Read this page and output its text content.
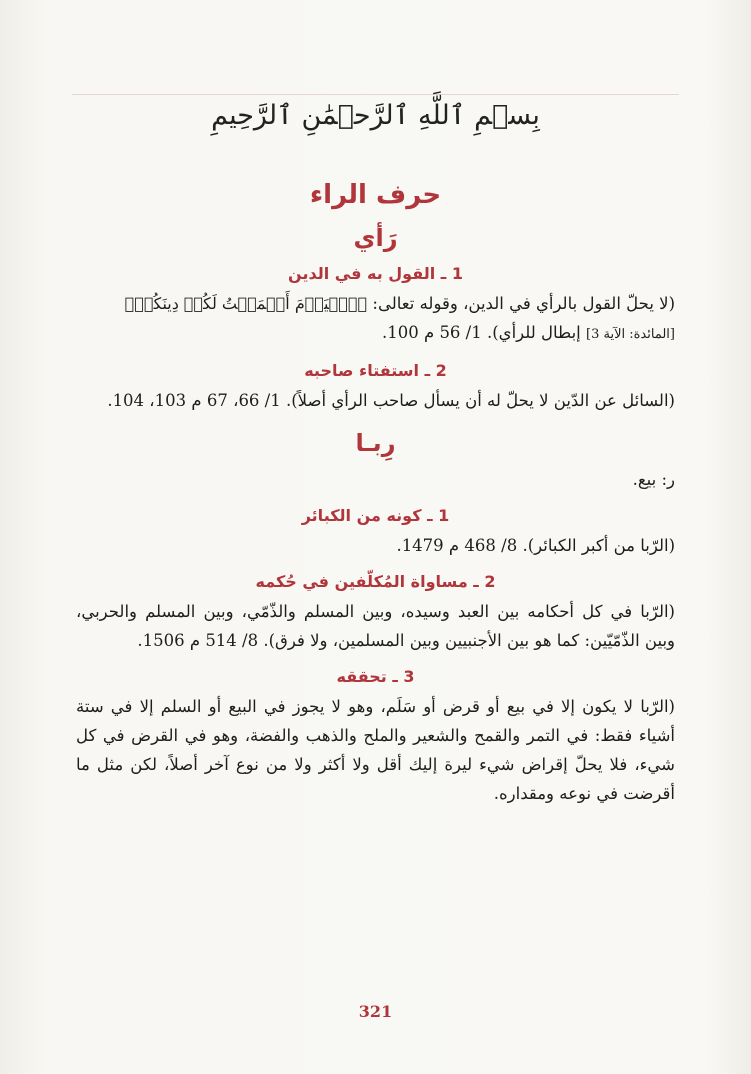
بِسۡمِ ٱللَّهِ ٱلرَّحۡمَٰنِ ٱلرَّحِيمِ
حرف الراء
رَأي
1 ـ القول به في الدين

(لا يحلّ القول بالرأي في الدين، وقوله تعالى: ﴿ٱلۡيَوۡمَ أَكۡمَلۡتُ لَكُمۡ دِينَكُمۡ﴾
[المائدة: الآية 3] إبطال للرأي). 1/ 56 م 100.

2 ـ استفتاء صاحبه

(السائل عن الدّين لا يحلّ له أن يسأل صاحب الرأي أصلاً). 1/ 66، 67 م 103، 104.

رِبـا

ر: بيع.

1 ـ كونه من الكبائر

(الرّبا من أكبر الكبائر). 8/ 468 م 1479.

2 ـ مساواة المُكلّفين في حُكمه

(الرّبا في كل أحكامه بين العبد وسيده، وبين المسلم والذّمّي، وبين المسلم والحربي، وبين الذّمّيّين: كما هو بين الأجنبيين وبين المسلمين، ولا فرق). 8/ 514 م 1506.

3 ـ تحققه

(الرّبا لا يكون إلا في بيع أو قرض أو سَلَم، وهو لا يجوز في البيع أو السلم إلا في ستة أشياء فقط: في التمر والقمح والشعير والملح والذهب والفضة، وهو في القرض في كل شيء، فلا يحلّ إقراض شيء ليرة إليك أقل ولا أكثر ولا من نوع آخر أصلاً، لكن مثل ما أقرضت في نوعه ومقداره.

321
